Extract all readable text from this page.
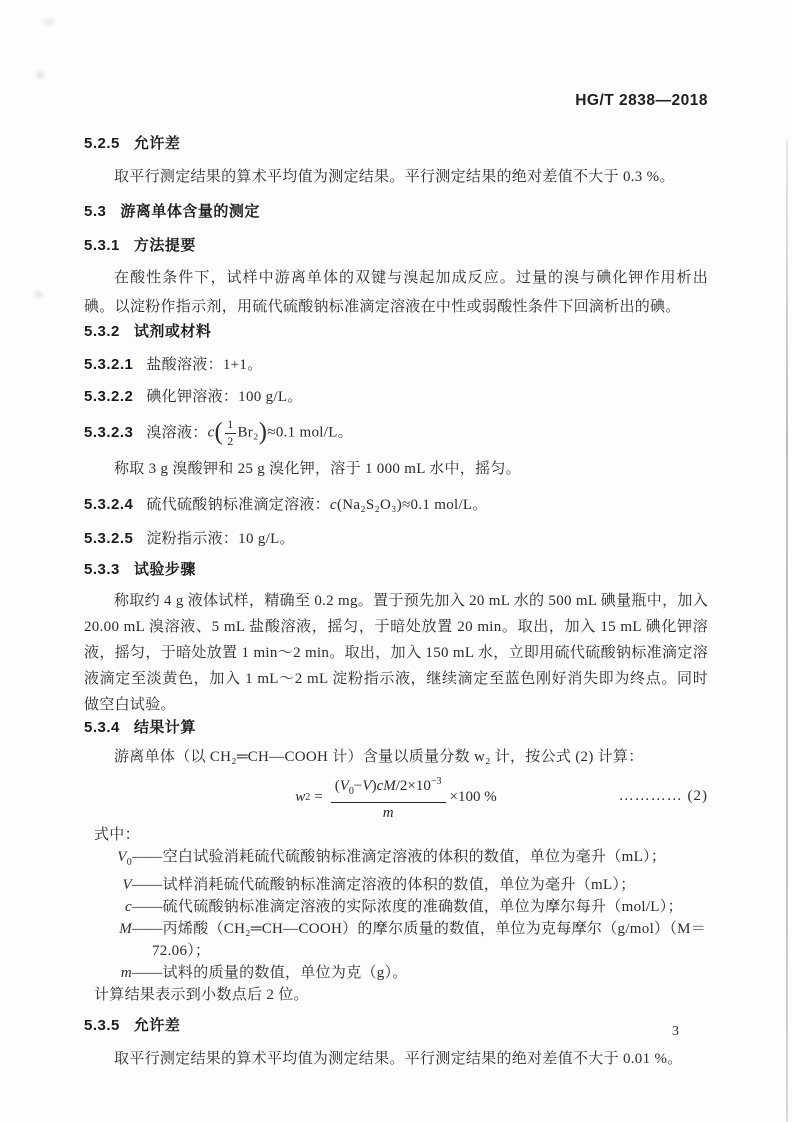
HG/T 2838—2018
5.2.5 允许差
取平行测定结果的算术平均值为测定结果。平行测定结果的绝对差值不大于 0.3 %。
5.3 游离单体含量的测定
5.3.1 方法提要
在酸性条件下，试样中游离单体的双键与溴起加成反应。过量的溴与碘化钾作用析出碘。以淀粉作指示剂，用硫代硫酸钠标准滴定溶液在中性或弱酸性条件下回滴析出的碘。
5.3.2 试剂或材料
5.3.2.1 盐酸溶液：1+1。
5.3.2.2 碘化钾溶液：100 g/L。
5.3.2.3 溴溶液： $c( \frac{1}{2} Br_2)\approx 0.1$ mol/L。
称取 3 g 溴酸钾和 25 g 溴化钾，溶于 1 000 mL 水中，摇匀。
5.3.2.4 硫代硫酸钠标准滴定溶液：c(Na₂S₂O₃)≈0.1 mol/L。
5.3.2.5 淀粉指示液：10 g/L。
5.3.3 试验步骤
称取约 4 g 液体试样，精确至 0.2 mg。置于预先加入 20 mL 水的 500 mL 碘量瓶中，加入 20.00 mL 溴溶液、5 mL 盐酸溶液，摇匀，于暗处放置 20 min。取出，加入 15 mL 碘化钾溶液，摇匀，于暗处放置 1 min～2 min。取出，加入 150 mL 水，立即用硫代硫酸钠标准滴定溶液滴定至淡黄色，加入 1 mL～2 mL 淀粉指示液，继续滴定至蓝色刚好消失即为终点。同时做空白试验。
5.3.4 结果计算
游离单体（以 CH₂═CH—COOH 计）含量以质量分数 w₂ 计，按公式 (2) 计算：
w $2 = \frac{(V_0-V)cM/2\times 10^{-3}}{m} \times 100$ %	………… (2)
式中：
$V_0$ ——空白试验消耗硫代硫酸钠标准滴定溶液的体积的数值，单位为毫升（mL）；
V ——试样消耗硫代硫酸钠标准滴定溶液的体积的数值，单位为毫升（mL）；
c ——硫代硫酸钠标准滴定溶液的实际浓度的准确数值，单位为摩尔每升（mol/L）；
M ——丙烯酸（CH₂═CH—COOH）的摩尔质量的数值，单位为克每摩尔（g/mol）（M＝
72.06）；
m ——试料的质量的数值，单位为克（g）。
计算结果表示到小数点后 2 位。
5.3.5 允许差
取平行测定结果的算术平均值为测定结果。平行测定结果的绝对差值不大于 0.01 %。
3
